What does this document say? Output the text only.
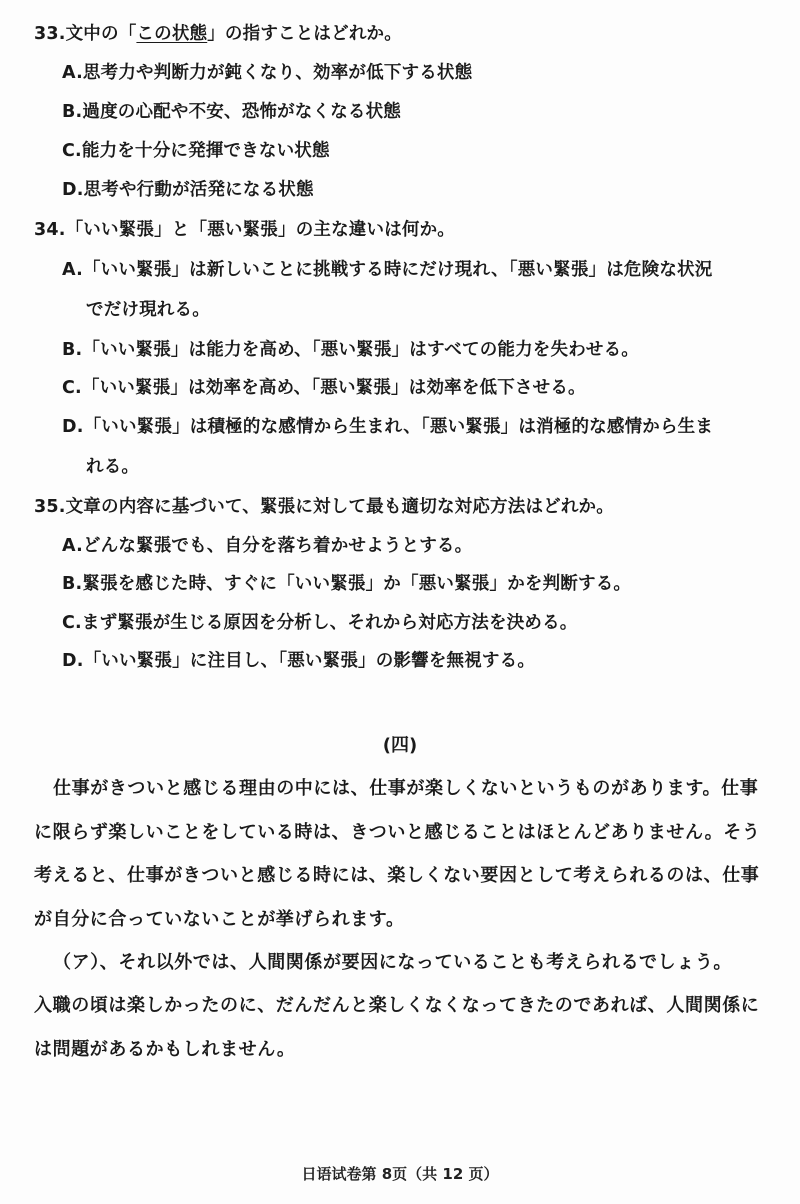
33.文中の「この状態」の指すことはどれか。
A.思考力や判断力が鈍くなり、効率が低下する状態
B.過度の心配や不安、恐怖がなくなる状態
C.能力を十分に発揮できない状態
D.思考や行動が活発になる状態
34.「いい緊張」と「悪い緊張」の主な違いは何か。
A.「いい緊張」は新しいことに挑戦する時にだけ現れ、「悪い緊張」は危険な状況
でだけ現れる。
B.「いい緊張」は能力を高め、「悪い緊張」はすべての能力を失わせる。
C.「いい緊張」は効率を高め、「悪い緊張」は効率を低下させる。
D.「いい緊張」は積極的な感情から生まれ、「悪い緊張」は消極的な感情から生ま
れる。
35.文章の内容に基づいて、緊張に対して最も適切な対応方法はどれか。
A.どんな緊張でも、自分を落ち着かせようとする。
B.緊張を感じた時、すぐに「いい緊張」か「悪い緊張」かを判断する。
C.まず緊張が生じる原因を分析し、それから対応方法を決める。
D.「いい緊張」に注目し、「悪い緊張」の影響を無視する。
(四)
仕事がきついと感じる理由の中には、仕事が楽しくないというものがあります。仕事
に限らず楽しいことをしている時は、きついと感じることはほとんどありません。そう
考えると、仕事がきついと感じる時には、楽しくない要因として考えられるのは、仕事
が自分に合っていないことが挙げられます。
（ア）、それ以外では、人間関係が要因になっていることも考えられるでしょう。
入職の頃は楽しかったのに、だんだんと楽しくなくなってきたのであれば、人間関係に
は問題があるかもしれません。
日语试卷第 8页（共 12 页）
